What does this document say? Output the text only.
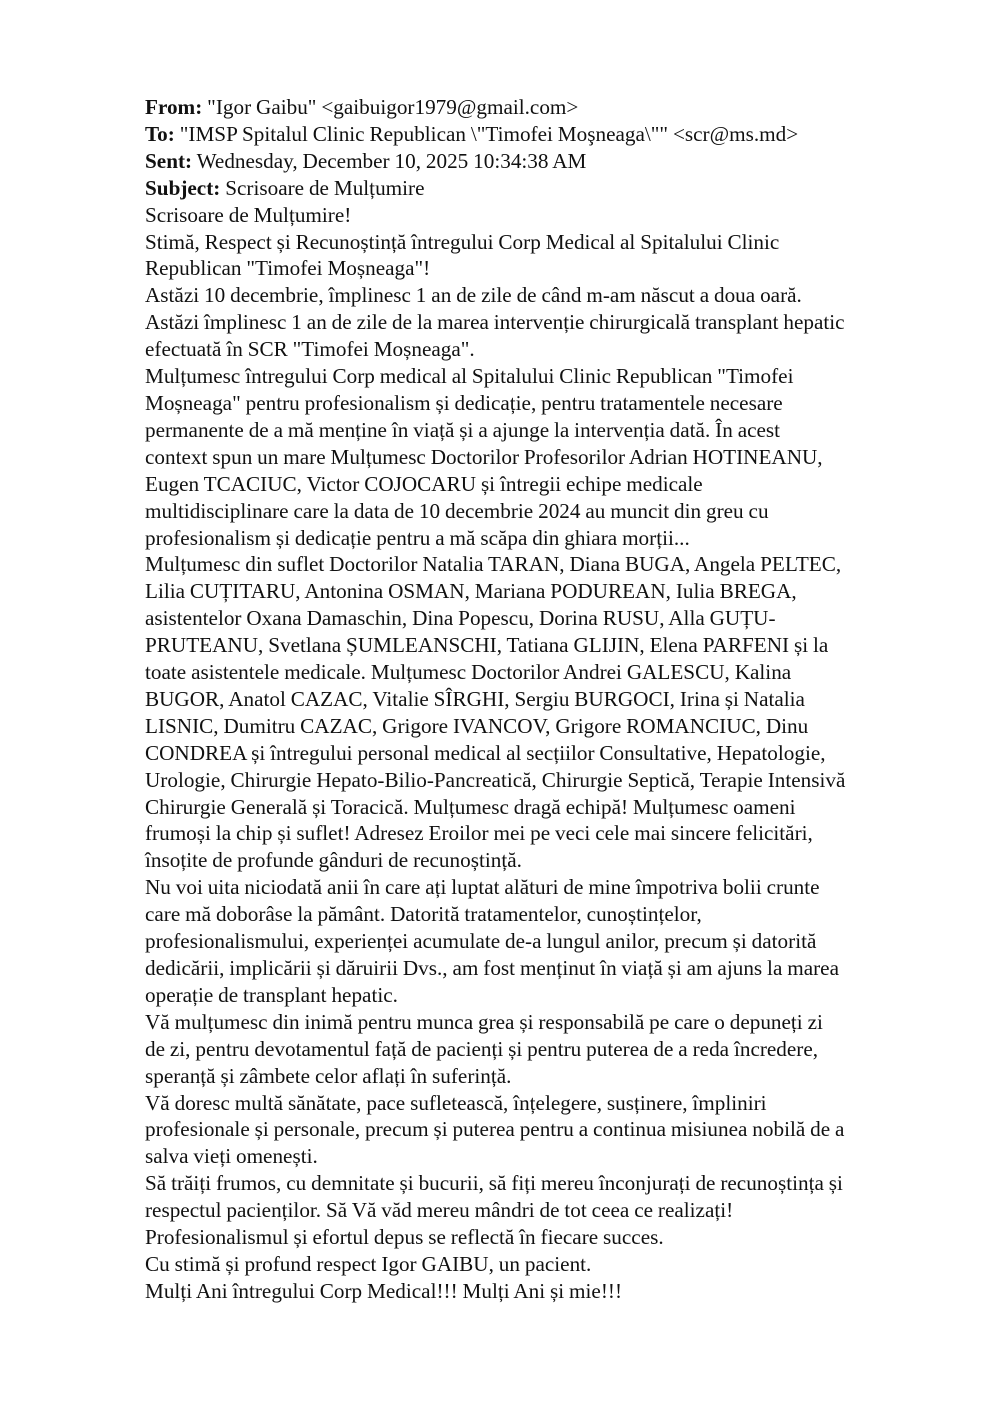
From: "Igor Gaibu" <gaibuigor1979@gmail.com>
To: "IMSP Spitalul Clinic Republican \"Timofei Moşneaga\"" <scr@ms.md>
Sent: Wednesday, December 10, 2025 10:34:38 AM
Subject: Scrisoare de Mulțumire
Scrisoare de Mulțumire!
Stimă, Respect și Recunoștință întregului Corp Medical al Spitalului Clinic
Republican "Timofei Moșneaga"!
Astăzi 10 decembrie, împlinesc 1 an de zile de când m-am născut a doua oară.
Astăzi împlinesc 1 an de zile de la marea intervenție chirurgicală transplant hepatic
efectuată în SCR "Timofei Moșneaga".
Mulțumesc întregului Corp medical al Spitalului Clinic Republican "Timofei
Moșneaga" pentru profesionalism și dedicație, pentru tratamentele necesare
permanente de a mă menține în viață și a ajunge la intervenția dată. În acest
context spun un mare Mulțumesc Doctorilor Profesorilor Adrian HOTINEANU,
Eugen TCACIUC, Victor COJOCARU și întregii echipe medicale
multidisciplinare care la data de 10 decembrie 2024 au muncit din greu cu
profesionalism și dedicație pentru a mă scăpa din ghiara morții...
Mulțumesc din suflet Doctorilor Natalia TARAN, Diana BUGA, Angela PELTEC,
Lilia CUȚITARU, Antonina OSMAN, Mariana PODUREAN, Iulia BREGA,
asistentelor Oxana Damaschin, Dina Popescu, Dorina RUSU, Alla GUȚU-
PRUTEANU, Svetlana ȘUMLEANSCHI, Tatiana GLIJIN, Elena PARFENI și la
toate asistentele medicale. Mulțumesc Doctorilor Andrei GALESCU, Kalina
BUGOR, Anatol CAZAC, Vitalie SÎRGHI, Sergiu BURGOCI, Irina și Natalia
LISNIC, Dumitru CAZAC, Grigore IVANCOV, Grigore ROMANCIUC, Dinu
CONDREA și întregului personal medical al secțiilor Consultative, Hepatologie,
Urologie, Chirurgie Hepato-Bilio-Pancreatică, Chirurgie Septică, Terapie Intensivă
Chirurgie Generală și Toracică. Mulțumesc dragă echipă! Mulțumesc oameni
frumoși la chip și suflet! Adresez Eroilor mei pe veci cele mai sincere felicitări,
însoțite de profunde gânduri de recunoștință.
Nu voi uita niciodată anii în care ați luptat alături de mine împotriva bolii crunte
care mă doborâse la pământ. Datorită tratamentelor, cunoștințelor,
profesionalismului, experienței acumulate de-a lungul anilor, precum și datorită
dedicării, implicării și dăruirii Dvs., am fost menținut în viață și am ajuns la marea
operație de transplant hepatic.
Vă mulțumesc din inimă pentru munca grea și responsabilă pe care o depuneți zi
de zi, pentru devotamentul față de pacienți și pentru puterea de a reda încredere,
speranță și zâmbete celor aflați în suferință.
Vă doresc multă sănătate, pace sufletească, înțelegere, susținere, împliniri
profesionale și personale, precum și puterea pentru a continua misiunea nobilă de a
salva vieți omenești.
Să trăiți frumos, cu demnitate și bucurii, să fiți mereu înconjurați de recunoștința și
respectul pacienților. Să Vă văd mereu mândri de tot ceea ce realizați!
Profesionalismul și efortul depus se reflectă în fiecare succes.
Cu stimă și profund respect Igor GAIBU, un pacient.
Mulți Ani întregului Corp Medical!!! Mulți Ani și mie!!!
